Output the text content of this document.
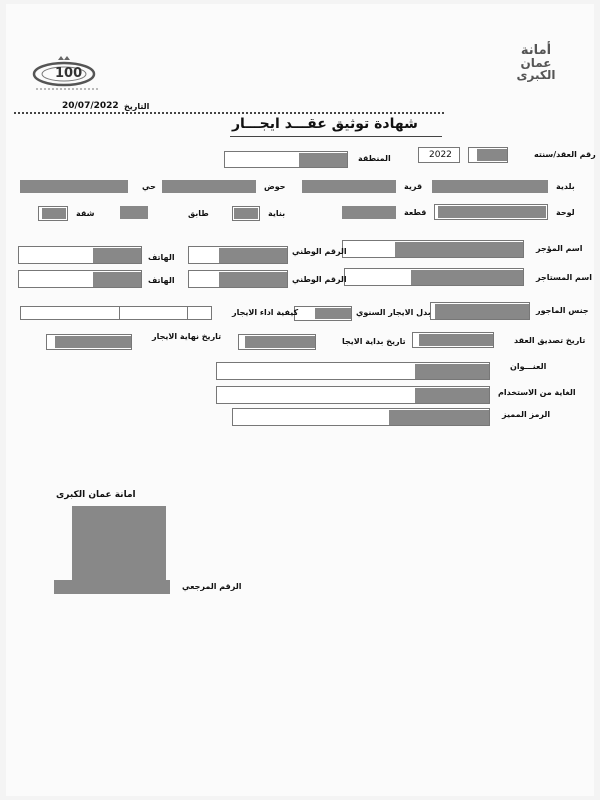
100
أمانة
عمان
الكبرى
التاريخ
20/07/2022
شهادة توثيق عقـــد ايجـــار
رقم العقد/سنته
2022
المنطقة
بلدية
قرية
حوض
حي
لوحة
قطعة
بناية
طابق
شقة
اسم المؤجر
الرقم الوطني
الهاتف
اسم المستاجر
الرقم الوطني
الهاتف
جنس الماجور
بدل الايجار السنوي
كيفية اداء الايجار
تاريخ تصديق العقد
تاريخ بداية الايجا
تاريخ نهاية الايجار
العنـــوان
الغاية من الاستخدام
الرمز المميز
امانة عمان الكبرى
الرقم المرجعي
